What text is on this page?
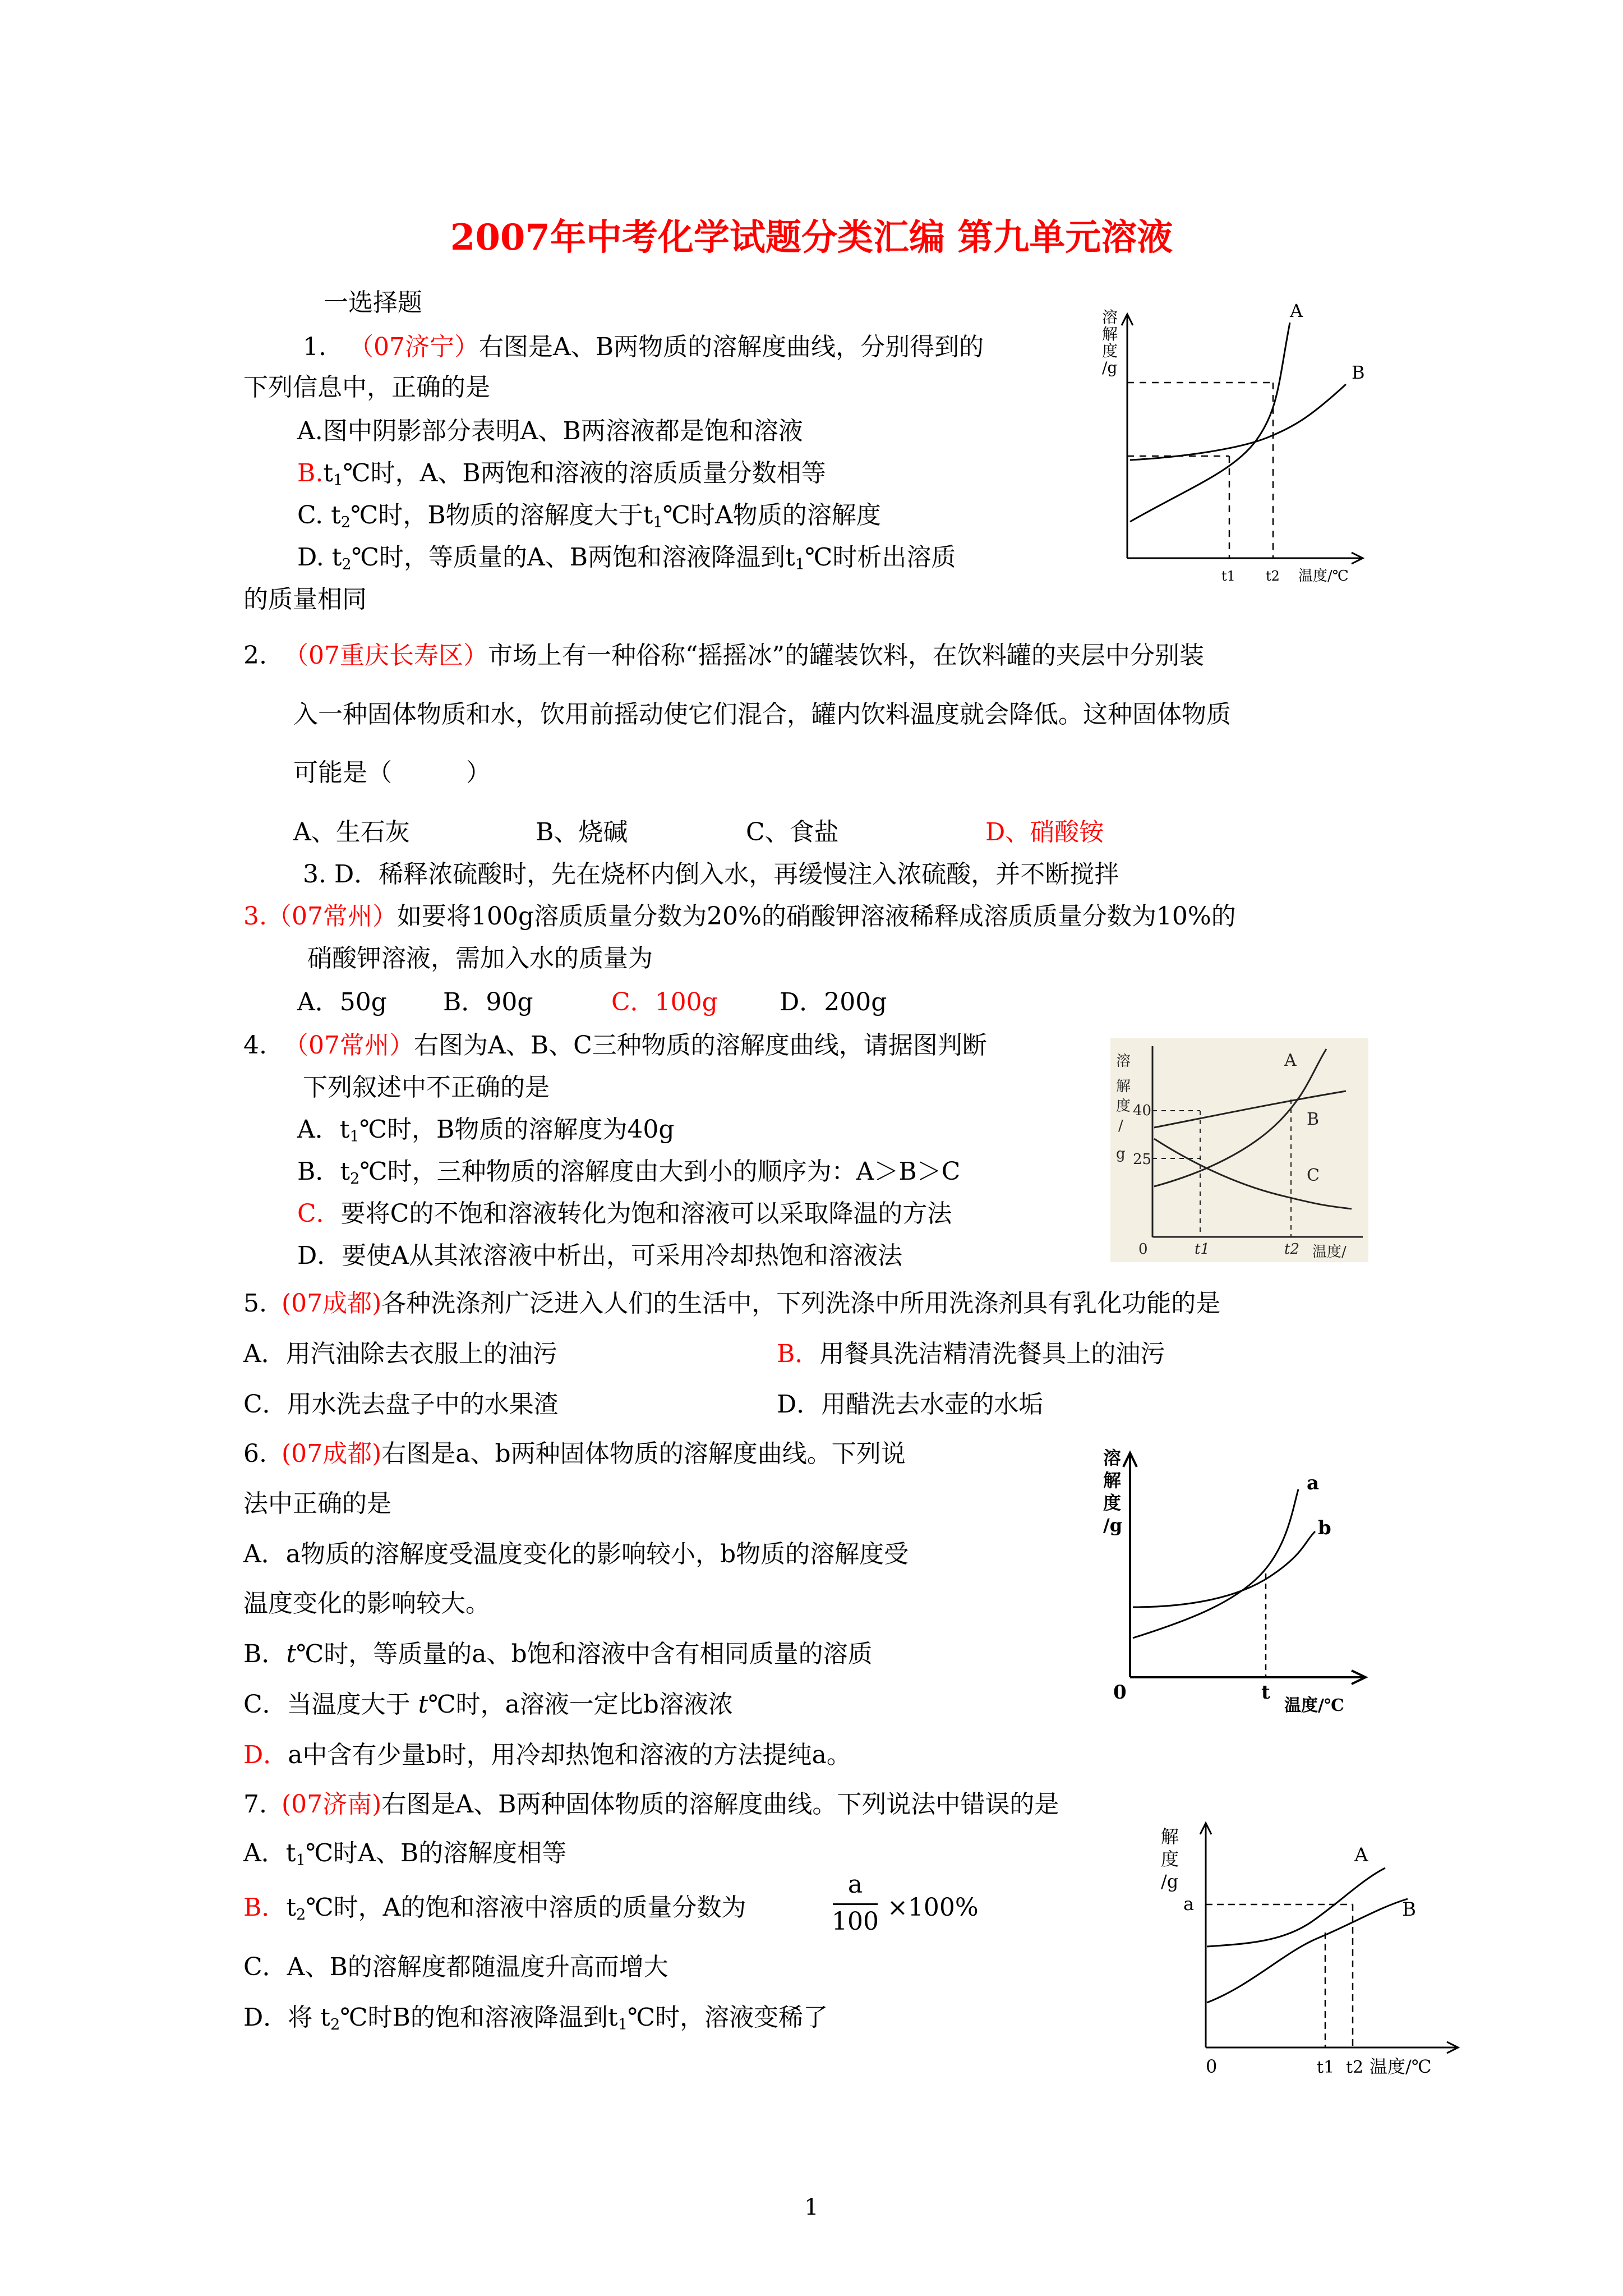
2007年中考化学试题分类汇编 第九单元溶液
一选择题
1. （07济宁）右图是A、B两物质的溶解度曲线，分别得到的
下列信息中，正确的是
A.图中阴影部分表明A、B两溶液都是饱和溶液
$B.t_1℃$时，A、B两饱和溶液的溶质质量分数相等
C. $t_2℃$时，B物质的溶解度大于$t_1℃$时A物质的溶解度
D. $t_2℃$时，等质量的A、B两饱和溶液降温到$t_1℃$时析出溶质
的质量相同
溶
解
度
/g
A
B
t1 t2 温度/℃
2. （07重庆长寿区）市场上有一种俗称“摇摇冰”的罐装饮料，在饮料罐的夹层中分别装
入一种固体物质和水，饮用前摇动使它们混合，罐内饮料温度就会降低。这种固体物质
可能是（　　　）
A、生石灰	B、烧碱	C、食盐	D、硝酸铵
3. D．稀释浓硫酸时，先在烧杯内倒入水，再缓慢注入浓硫酸，并不断搅拌
3.（07常州）如要将100g溶质质量分数为20%的硝酸钾溶液稀释成溶质质量分数为10%的
硝酸钾溶液，需加入水的质量为
A．50g B．90g	C．100g	D．200g
4. （07常州）右图为A、B、C三种物质的溶解度曲线，请据图判断
下列叙述中不正确的是
A．$t_1℃$时，B物质的溶解度为40g
B．$t_2℃$时，三种物质的溶解度由大到小的顺序为：A＞B＞C
C．要将C的不饱和溶液转化为饱和溶液可以采取降温的方法
D．要使A从其浓溶液中析出，可采用冷却热饱和溶液法
溶
解
度
/
g
40
25
0
A
B
C
t1	t2 温度/
5. (07成都)各种洗涤剂广泛进入人们的生活中，下列洗涤中所用洗涤剂具有乳化功能的是
A．用汽油除去衣服上的油污	B．用餐具洗洁精清洗餐具上的油污
C．用水洗去盘子中的水果渣	D．用醋洗去水壶的水垢
6. (07成都)右图是a、b两种固体物质的溶解度曲线。下列说
法中正确的是
A．a物质的溶解度受温度变化的影响较小，b物质的溶解度受
温度变化的影响较大。
B．t℃时，等质量的a、b饱和溶液中含有相同质量的溶质
C．当温度大于 t℃时，a溶液一定比b溶液浓
D．a中含有少量b时，用冷却热饱和溶液的方法提纯a。
溶
解
度
/g
a
b
0	t
温度/℃
7. (07济南)右图是A、B两种固体物质的溶解度曲线。下列说法中错误的是
A．$t_1℃$时A、B的溶解度相等
B．$t_2℃$时，A的饱和溶液中溶质的质量分数为
a
100 ×100%
C．A、B的溶解度都随温度升高而增大
D．将 $t_2℃$时B的饱和溶液降温到$t_1℃$时，溶液变稀了
解
度
/g
a
0
A
B
t1 t2 温度/℃
1
